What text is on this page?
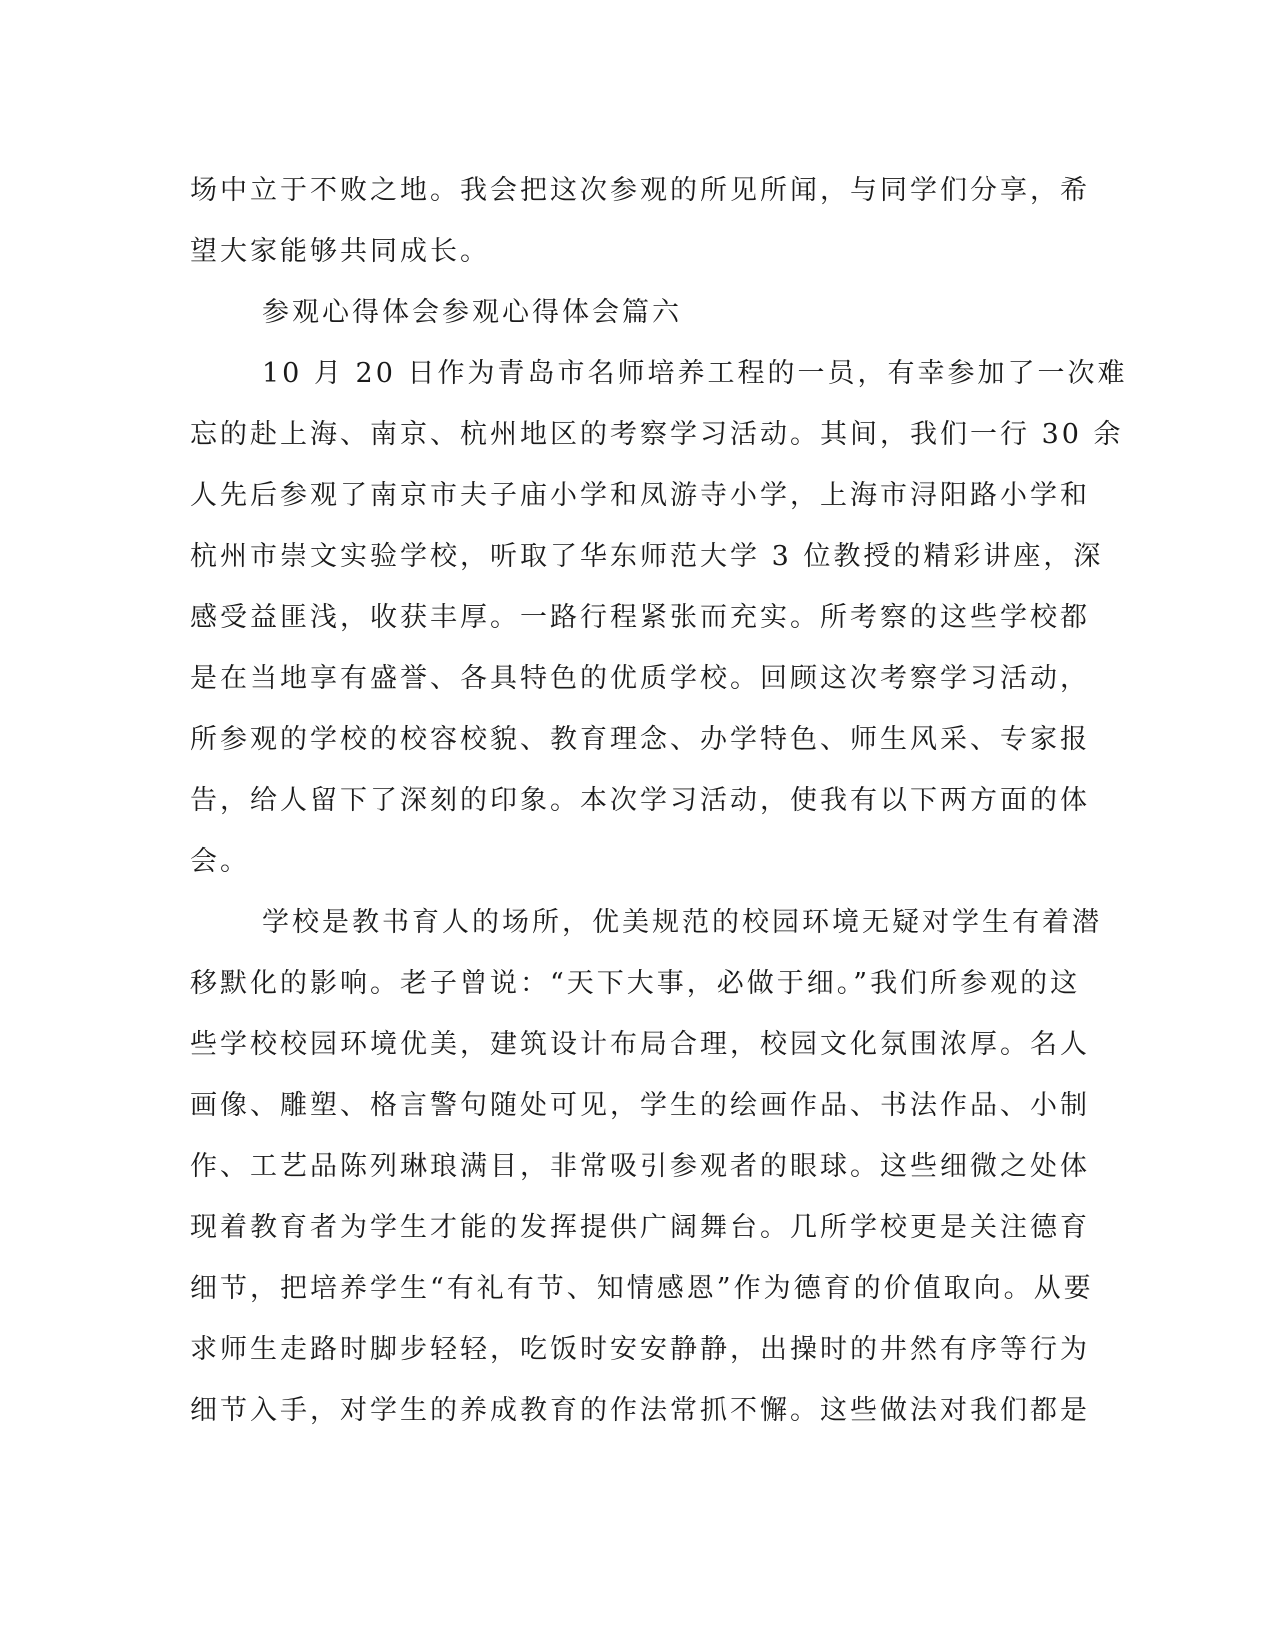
场中立于不败之地。我会把这次参观的所见所闻，与同学们分享，希
望大家能够共同成长。
参观心得体会参观心得体会篇六
10 月 20 日作为青岛市名师培养工程的一员，有幸参加了一次难
忘的赴上海、南京、杭州地区的考察学习活动。其间，我们一行 30 余
人先后参观了南京市夫子庙小学和凤游寺小学，上海市浔阳路小学和
杭州市崇文实验学校，听取了华东师范大学 3 位教授的精彩讲座，深
感受益匪浅，收获丰厚。一路行程紧张而充实。所考察的这些学校都
是在当地享有盛誉、各具特色的优质学校。回顾这次考察学习活动，
所参观的学校的校容校貌、教育理念、办学特色、师生风采、专家报
告，给人留下了深刻的印象。本次学习活动，使我有以下两方面的体
会。
学校是教书育人的场所，优美规范的校园环境无疑对学生有着潜
移默化的影响。老子曾说：“天下大事，必做于细。”我们所参观的这
些学校校园环境优美，建筑设计布局合理，校园文化氛围浓厚。名人
画像、雕塑、格言警句随处可见，学生的绘画作品、书法作品、小制
作、工艺品陈列琳琅满目，非常吸引参观者的眼球。这些细微之处体
现着教育者为学生才能的发挥提供广阔舞台。几所学校更是关注德育
细节，把培养学生“有礼有节、知情感恩”作为德育的价值取向。从要
求师生走路时脚步轻轻，吃饭时安安静静，出操时的井然有序等行为
细节入手，对学生的养成教育的作法常抓不懈。这些做法对我们都是
